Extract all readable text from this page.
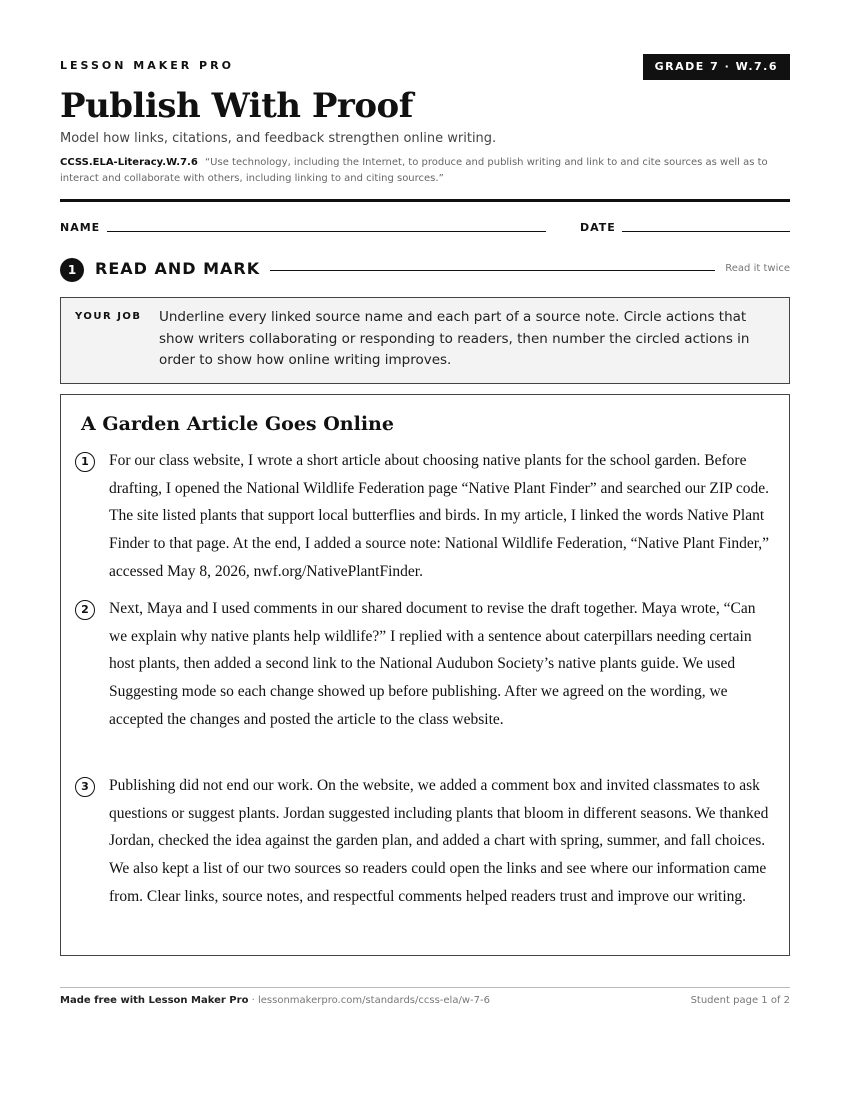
LESSON MAKER PRO	GRADE 7 · W.7.6
Publish With Proof

Model how links, citations, and feedback strengthen online writing.

CCSS.ELA-Literacy.W.7.6 “Use technology, including the Internet, to produce and publish writing and link to and cite sources as well as to interact and collaborate with others, including linking to and citing sources.”

NAME	DATE
1	READ AND MARK	Read it twice
YOUR JOB Underline every linked source name and each part of a source note. Circle actions that show writers collaborating or responding to readers, then number the circled actions in order to show how online writing improves.

A Garden Article Goes Online
1	For our class website, I wrote a short article about choosing native plants for the school garden. Before drafting, I opened the National Wildlife Federation page “Native Plant Finder” and searched our ZIP code. The site listed plants that support local butterflies and birds. In my article, I linked the words Native Plant Finder to that page. At the end, I added a source note: National Wildlife Federation, “Native Plant Finder,” accessed May 8, 2026, nwf.org/NativePlantFinder.

2	Next, Maya and I used comments in our shared document to revise the draft together. Maya wrote, “Can we explain why native plants help wildlife?” I replied with a sentence about caterpillars needing certain host plants, then added a second link to the National Audubon Society’s native plants guide. We used Suggesting mode so each change showed up before publishing. After we agreed on the wording, we accepted the changes and posted the article to the class website.

3	Publishing did not end our work. On the website, we added a comment box and invited classmates to ask questions or suggest plants. Jordan suggested including plants that bloom in different seasons. We thanked Jordan, checked the idea against the garden plan, and added a chart with spring, summer, and fall choices. We also kept a list of our two sources so readers could open the links and see where our information came from. Clear links, source notes, and respectful comments helped readers trust and improve our writing.

Made free with Lesson Maker Pro · lessonmakerpro.com/standards/ccss-ela/w-7-6	Student page 1 of 2
